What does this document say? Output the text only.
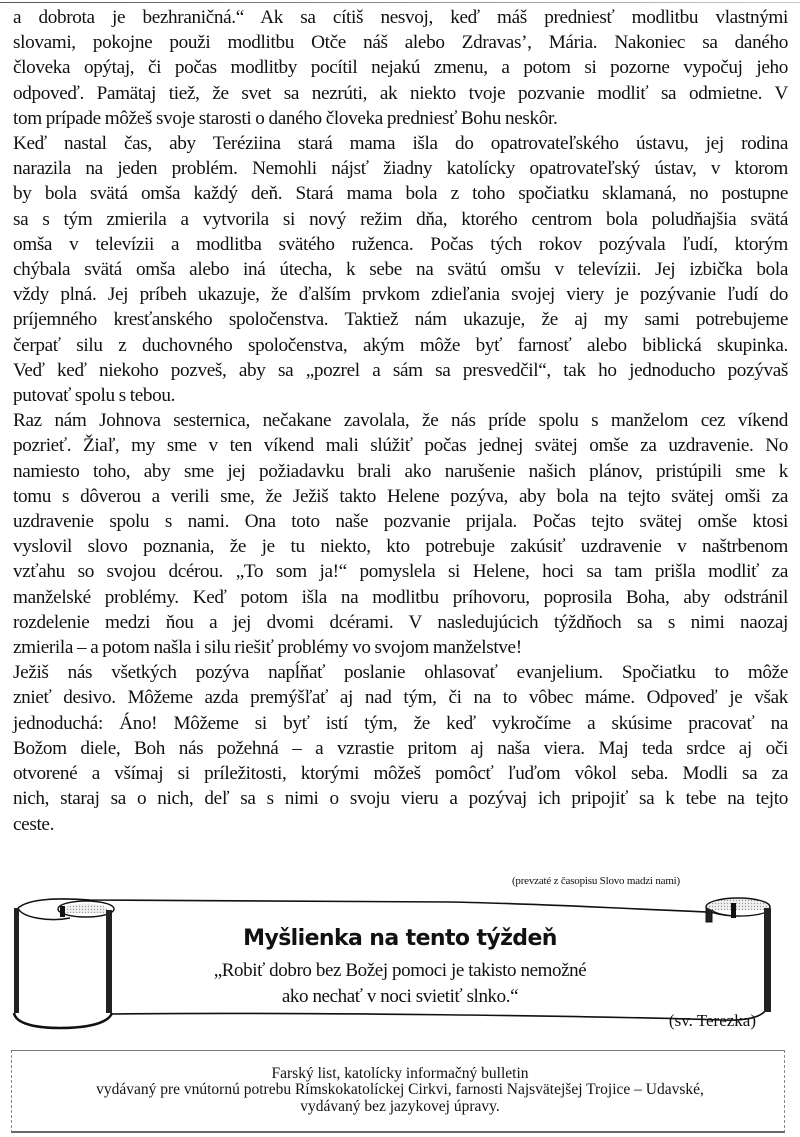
a dobrota je bezhraničná.“ Ak sa cítiš nesvoj, keď máš predniesť modlitbu vlastnými
slovami, pokojne použi modlitbu Otče náš alebo Zdravas’, Mária. Nakoniec sa daného
človeka opýtaj, či počas modlitby pocítil nejakú zmenu, a potom si pozorne vypočuj jeho
odpoveď. Pamätaj tiež, že svet sa nezrúti, ak niekto tvoje pozvanie modliť sa odmietne. V
tom prípade môžeš svoje starosti o daného človeka predniesť Bohu neskôr.

Keď nastal čas, aby Teréziina stará mama išla do opatrovateľského ústavu, jej rodina
narazila na jeden problém. Nemohli nájsť žiadny katolícky opatrovateľský ústav, v ktorom
by bola svätá omša každý deň. Stará mama bola z toho spočiatku sklamaná, no postupne
sa s tým zmierila a vytvorila si nový režim dňa, ktorého centrom bola poludňajšia svätá
omša v televízii a modlitba svätého ruženca. Počas tých rokov pozývala ľudí, ktorým
chýbala svätá omša alebo iná útecha, k sebe na svätú omšu v televízii. Jej izbička bola
vždy plná. Jej príbeh ukazuje, že ďalším prvkom zdieľania svojej viery je pozývanie ľudí do
príjemného kresťanského spoločenstva. Taktiež nám ukazuje, že aj my sami potrebujeme
čerpať silu z duchovného spoločenstva, akým môže byť farnosť alebo biblická skupinka.
Veď keď niekoho pozveš, aby sa „pozrel a sám sa presvedčil“, tak ho jednoducho pozývaš
putovať spolu s tebou.

Raz nám Johnova sesternica, nečakane zavolala, že nás príde spolu s manželom cez víkend
pozrieť. Žiaľ, my sme v ten víkend mali slúžiť počas jednej svätej omše za uzdravenie. No
namiesto toho, aby sme jej požiadavku brali ako narušenie našich plánov, pristúpili sme k
tomu s dôverou a verili sme, že Ježiš takto Helene pozýva, aby bola na tejto svätej omši za
uzdravenie spolu s nami. Ona toto naše pozvanie prijala. Počas tejto svätej omše ktosi
vyslovil slovo poznania, že je tu niekto, kto potrebuje zakúsiť uzdravenie v naštrbenom
vzťahu so svojou dcérou. „To som ja!“ pomyslela si Helene, hoci sa tam prišla modliť za
manželské problémy. Keď potom išla na modlitbu príhovoru, poprosila Boha, aby odstránil
rozdelenie medzi ňou a jej dvomi dcérami. V nasledujúcich týždňoch sa s nimi naozaj
zmierila – a potom našla i silu riešiť problémy vo svojom manželstve!

Ježiš nás všetkých pozýva napĺňať poslanie ohlasovať evanjelium. Spočiatku to môže
znieť desivo. Môžeme azda premýšľať aj nad tým, či na to vôbec máme. Odpoveď je však
jednoduchá: Áno! Môžeme si byť istí tým, že keď vykročíme a skúsime pracovať na
Božom diele, Boh nás požehná – a vzrastie pritom aj naša viera. Maj teda srdce aj oči
otvorené a všímaj si príležitosti, ktorými môžeš pomôcť ľuďom vôkol seba. Modli sa za
nich, staraj sa o nich, deľ sa s nimi o svoju vieru a pozývaj ich pripojiť sa k tebe na tejto
ceste.

(prevzaté z časopisu Slovo madzi nami)
Myšlienka na tento týždeň
„Robiť dobro bez Božej pomoci je takisto nemožné
ako nechať v noci svietiť slnko.“
(sv. Terezka)
Farský list, katolícky informačný bulletin
vydávaný pre vnútornú potrebu Rímskokatolíckej Cirkvi, farnosti Najsvätejšej Trojice – Udavské,
vydávaný bez jazykovej úpravy.
